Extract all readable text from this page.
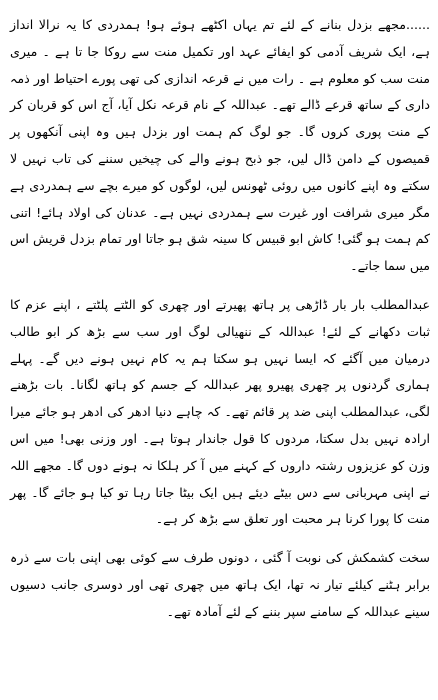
......مجھے بزدل بنانے کے لئے تم یہاں اکٹھے ہوئے ہو! ہمدردی کا یہ نرالا انداز ہے، ایک شریف آدمی کو ایفائے عہد اور تکمیل منت سے روکا جا تا ہے ۔ میری منت سب کو معلوم ہے ۔ رات میں نے قرعہ اندازی کی تھی پورے احتیاط اور ذمہ داری کے ساتھ قرعے ڈالے تھے۔ عبداللہ کے نام قرعہ نکل آیا، آج اس کو قربان کر کے منت پوری کروں گا۔ جو لوگ کم ہمت اور بزدل ہیں وہ اپنی آنکھوں پر قمیصوں کے دامن ڈال لیں، جو ذبح ہونے والے کی چیخیں سننے کی تاب نہیں لا سکتے وہ اپنے کانوں میں روئی ٹھونس لیں، لوگوں کو میرے بچے سے ہمدردی ہے مگر میری شرافت اور غیرت سے ہمدردی نہیں ہے۔ عدنان کی اولاد ہائے! اتنی کم ہمت ہو گئی! کاش ابو قبیس کا سینہ شق ہو جاتا اور تمام بزدل قریش اس میں سما جاتے۔

عبدالمطلب بار بار ڈاڑھی پر ہاتھ پھیرتے اور چھری کو الٹتے پلٹتے ، اپنے عزم کا ثبات دکھانے کے لئے! عبداللہ کے ننھیالی لوگ اور سب سے بڑھ کر ابو طالب درمیان میں آگئے کہ ایسا نہیں ہو سکتا ہم یہ کام نہیں ہونے دیں گے۔ پہلے ہماری گردنوں پر چھری پھیرو پھر عبداللہ کے جسم کو ہاتھ لگانا۔ بات بڑھنے لگی، عبدالمطلب اپنی ضد پر قائم تھے۔ کہ چاہے دنیا ادھر کی ادھر ہو جائے میرا ارادہ نہیں بدل سکتا، مردوں کا قول جاندار ہوتا ہے۔ اور وزنی بھی! میں اس وزن کو عزیزوں رشتہ داروں کے کہنے میں آ کر ہلکا نہ ہونے دوں گا۔ مجھے اللہ نے اپنی مہربانی سے دس بیٹے دیئے ہیں ایک بیٹا جاتا رہا تو کیا ہو جائے گا۔ پھر منت کا پورا کرنا ہر محبت اور تعلق سے بڑھ کر ہے۔

سخت کشمکش کی نوبت آ گئی ، دونوں طرف سے کوئی بھی اپنی بات سے ذرہ برابر ہٹنے کیلئے تیار نہ تھا، ایک ہاتھ میں چھری تھی اور دوسری جانب دسیوں سینے عبداللہ کے سامنے سپر بننے کے لئے آمادہ تھے۔
